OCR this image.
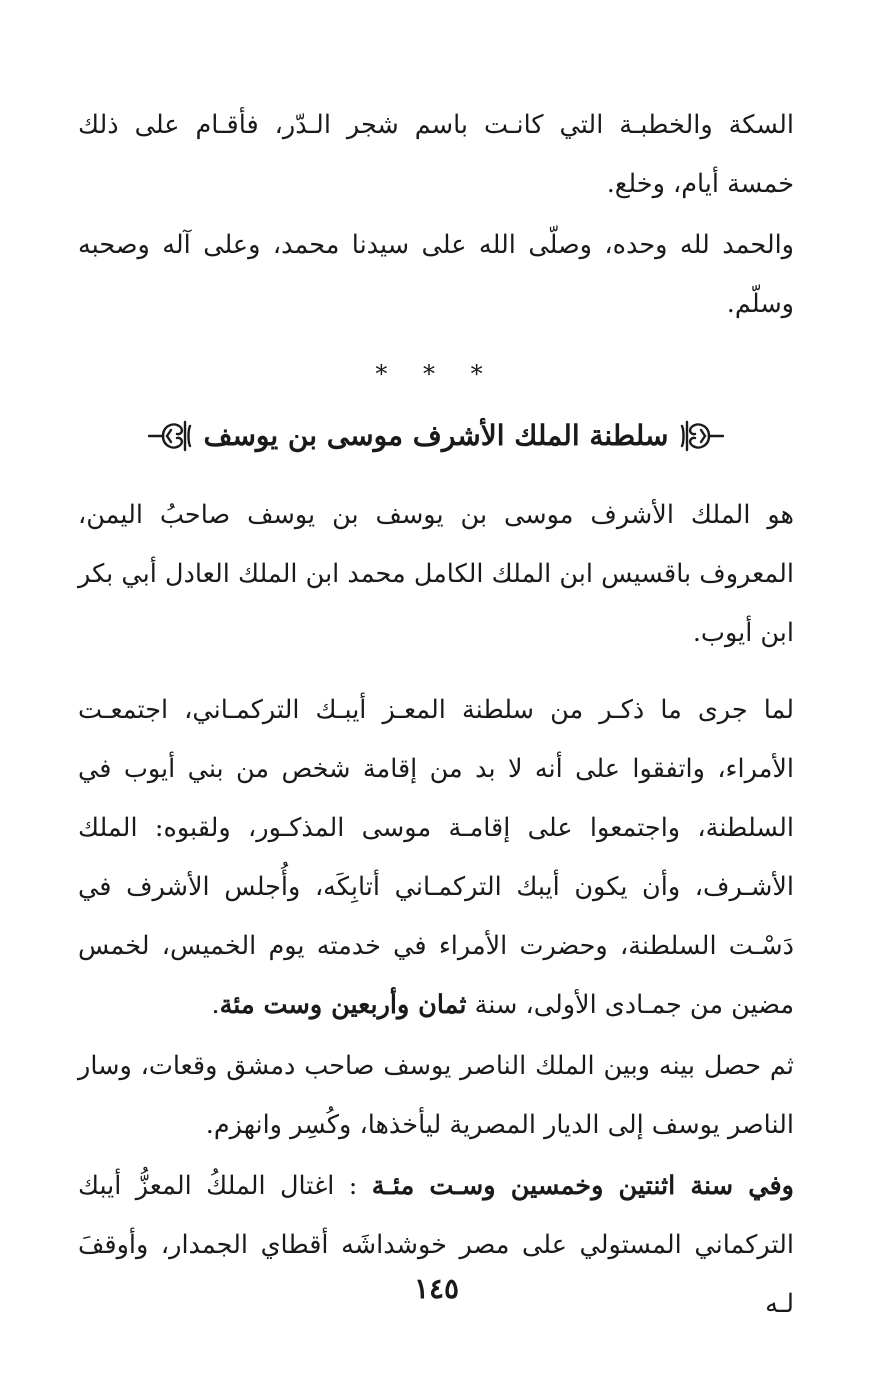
السكة والخطبـة التي كانـت باسم شجر الـدّر، فأقـام على ذلك خمسة أيام، وخلع.

والحمد لله وحده، وصلّى الله على سيدنا محمد، وعلى آله وصحبه وسلّم.

* * *
سلطنة الملك الأشرف موسى بن يوسف

هو الملك الأشرف موسى بن يوسف بن يوسف صاحبُ اليمن، المعروف باقسيس ابن الملك الكامل محمد ابن الملك العادل أبي بكر ابن أيوب.

لما جرى ما ذكـر من سلطنة المعـز أيبـك التركمـاني، اجتمعـت الأمراء، واتفقوا على أنه لا بد من إقامة شخص من بني أيوب في السلطنة، واجتمعوا على إقامـة موسى المذكـور، ولقبوه: الملك الأشـرف، وأن يكون أيبك التركمـاني أتابِكَه، وأُجلس الأشرف في دَسْـت السلطنة، وحضرت الأمراء في خدمته يوم الخميس، لخمس مضين من جمـادى الأولى، سنة ثمان وأربعين وست مئة.

ثم حصل بينه وبين الملك الناصر يوسف صاحب دمشق وقعات، وسار الناصر يوسف إلى الديار المصرية ليأخذها، وكُسِر وانهزم.

وفي سنة اثنتين وخمسين وسـت مئـة : اغتال الملكُ المعزُّ أيبك التركماني المستولي على مصر خوشداشَه أقطاي الجمدار، وأوقفَ لـه

١٤٥
